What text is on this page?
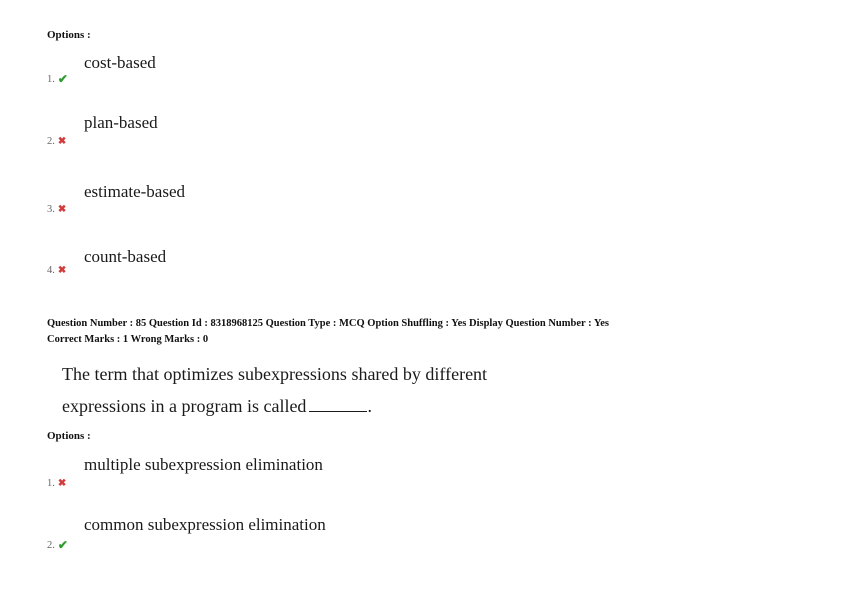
Options :
cost-based
1. ✔
plan-based
2. ✖
estimate-based
3. ✖
count-based
4. ✖
Question Number : 85 Question Id : 8318968125 Question Type : MCQ Option Shuffling : Yes Display Question Number : Yes
Correct Marks : 1 Wrong Marks : 0
The term that optimizes subexpressions shared by different
expressions in a program is called	.
Options :
multiple subexpression elimination
1. ✖
common subexpression elimination
2. ✔
